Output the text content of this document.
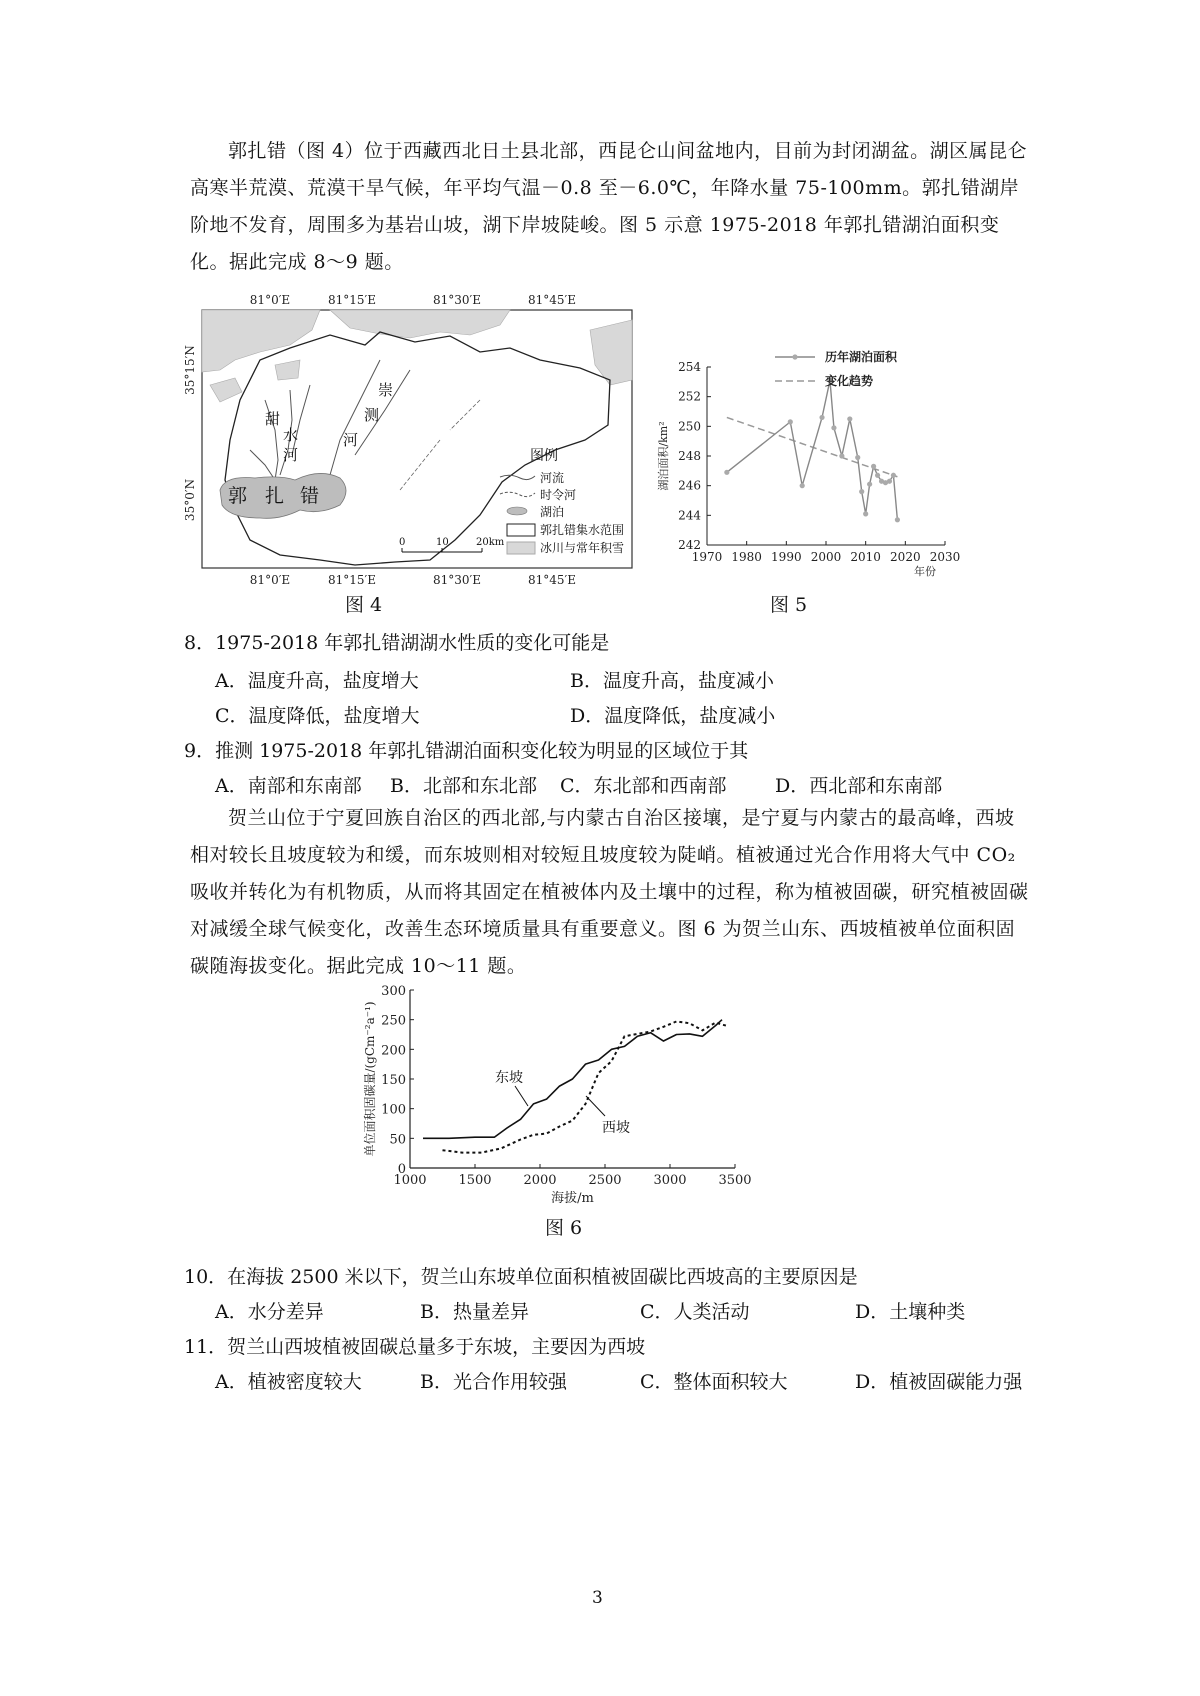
郭扎错（图 4）位于西藏西北日土县北部，西昆仑山间盆地内，目前为封闭湖盆。湖区属昆仑高寒半荒漠、荒漠干旱气候，年平均气温－0.8 至－6.0℃，年降水量 75-100mm。郭扎错湖岸阶地不发育，周围多为基岩山坡，湖下岸坡陡峻。图 5 示意 1975-2018 年郭扎错湖泊面积变化。据此完成 8～9 题。
81°0′E	81°15′E	81°30′E	81°45′E
81°0′E	81°15′E	81°30′E	81°45′E
35°15′N
35°0′N
甜
水
河
崇
测
河
郭 扎 错
图例
河流
时令河
湖泊
郭扎错集水范围
冰川与常年积雪
0	10	20km
图 4
242
244
246
248
250
252
254
1970 1980 1990 2000 2010 2020 2030
年份
湖泊面积/km²
历年湖泊面积
变化趋势
图 5
8．1975-2018 年郭扎错湖湖水性质的变化可能是
A．温度升高，盐度增大	B．温度升高，盐度减小
C．温度降低，盐度增大	D．温度降低，盐度减小
9．推测 1975-2018 年郭扎错湖泊面积变化较为明显的区域位于其
A．南部和东南部 B．北部和东北部 C．东北部和西南部	D．西北部和东南部
贺兰山位于宁夏回族自治区的西北部,与内蒙古自治区接壤，是宁夏与内蒙古的最高峰，西坡相对较长且坡度较为和缓，而东坡则相对较短且坡度较为陡峭。植被通过光合作用将大气中 CO₂ 吸收并转化为有机物质，从而将其固定在植被体内及土壤中的过程，称为植被固碳，研究植被固碳对减缓全球气候变化，改善生态环境质量具有重要意义。图 6 为贺兰山东、西坡植被单位面积固碳随海拔变化。据此完成 10～11 题。
0
50
100
150
200
250
300
1000 1500 2000 2500 3000 3500
海拔/m
单位面积固碳量/(gCm⁻²a⁻¹)	东坡
西坡
图 6
10．在海拔 2500 米以下，贺兰山东坡单位面积植被固碳比西坡高的主要原因是
A．水分差异	B．热量差异	C．人类活动	D．土壤种类
11．贺兰山西坡植被固碳总量多于东坡，主要因为西坡
A．植被密度较大	B．光合作用较强	C．整体面积较大	D．植被固碳能力强
3
